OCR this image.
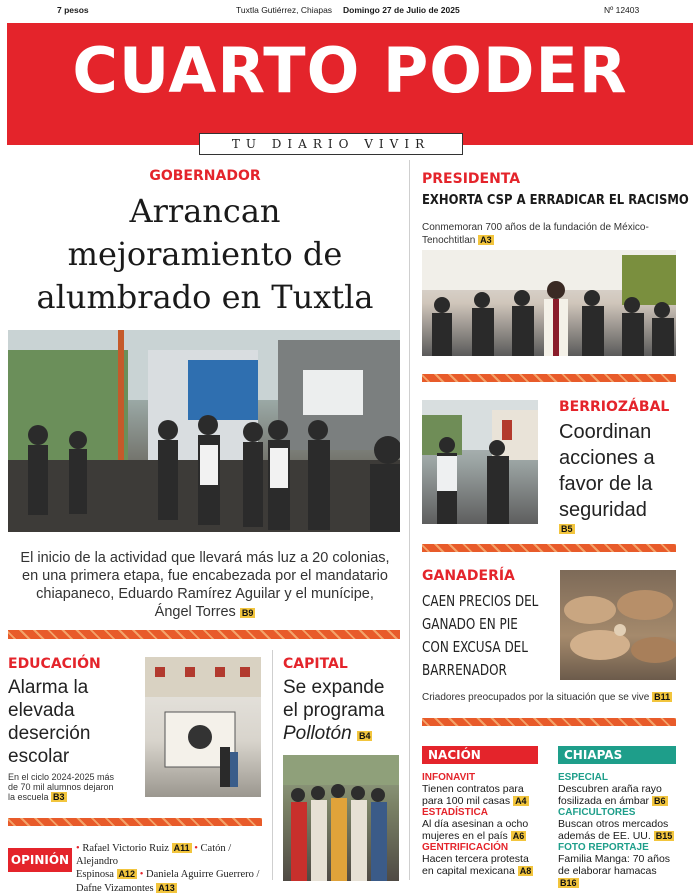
7 pesos	Tuxtla Gutiérrez, Chiapas Domingo 27 de Julio de 2025	Nº 12403
CUARTO PODER
TU DIARIO VIVIR
GOBERNADOR
Arrancan
mejoramiento de
alumbrado en Tuxtla
El inicio de la actividad que llevará más luz a 20 colonias,
en una primera etapa, fue encabezada por el mandatario
chiapaneco, Eduardo Ramírez Aguilar y el munícipe,
Ángel Torres B9
PRESIDENTA
EXHORTA CSP A ERRADICAR EL RACISMO
Conmemoran 700 años de la fundación de México-
Tenochtitlan A3
BERRIOZÁBAL
Coordinan
acciones a
favor de la
seguridad
B5
GANADERÍA
CAEN PRECIOS DEL
GANADO EN PIE
CON EXCUSA DEL
BARRENADOR
Criadores preocupados por la situación que se vive B11
EDUCACIÓN
Alarma la
elevada
deserción
escolar
En el ciclo 2024-2025 más
de 70 mil alumnos dejaron
la escuela B3
CAPITAL
Se expande
el programa
Pollotón B4
OPINIÓN
• Rafael Victorio Ruiz A11 • Catón / Alejandro
Espinosa A12 • Daniela Aguirre Guerrero /
Dafne Vizamontes A13
NACIÓN
INFONAVIT
Tienen contratos para
para 100 mil casas A4
ESTADÍSTICA
Al día asesinan a ocho
mujeres en el país A6
GENTRIFICACIÓN
Hacen tercera protesta
en capital mexicana A8
CHIAPAS
ESPECIAL
Descubren araña rayo
fosilizada en ámbar B6
CAFICULTORES
Buscan otros mercados
además de EE. UU. B15
FOTO REPORTAJE
Familia Manga: 70 años
de elaborar hamacas B16
